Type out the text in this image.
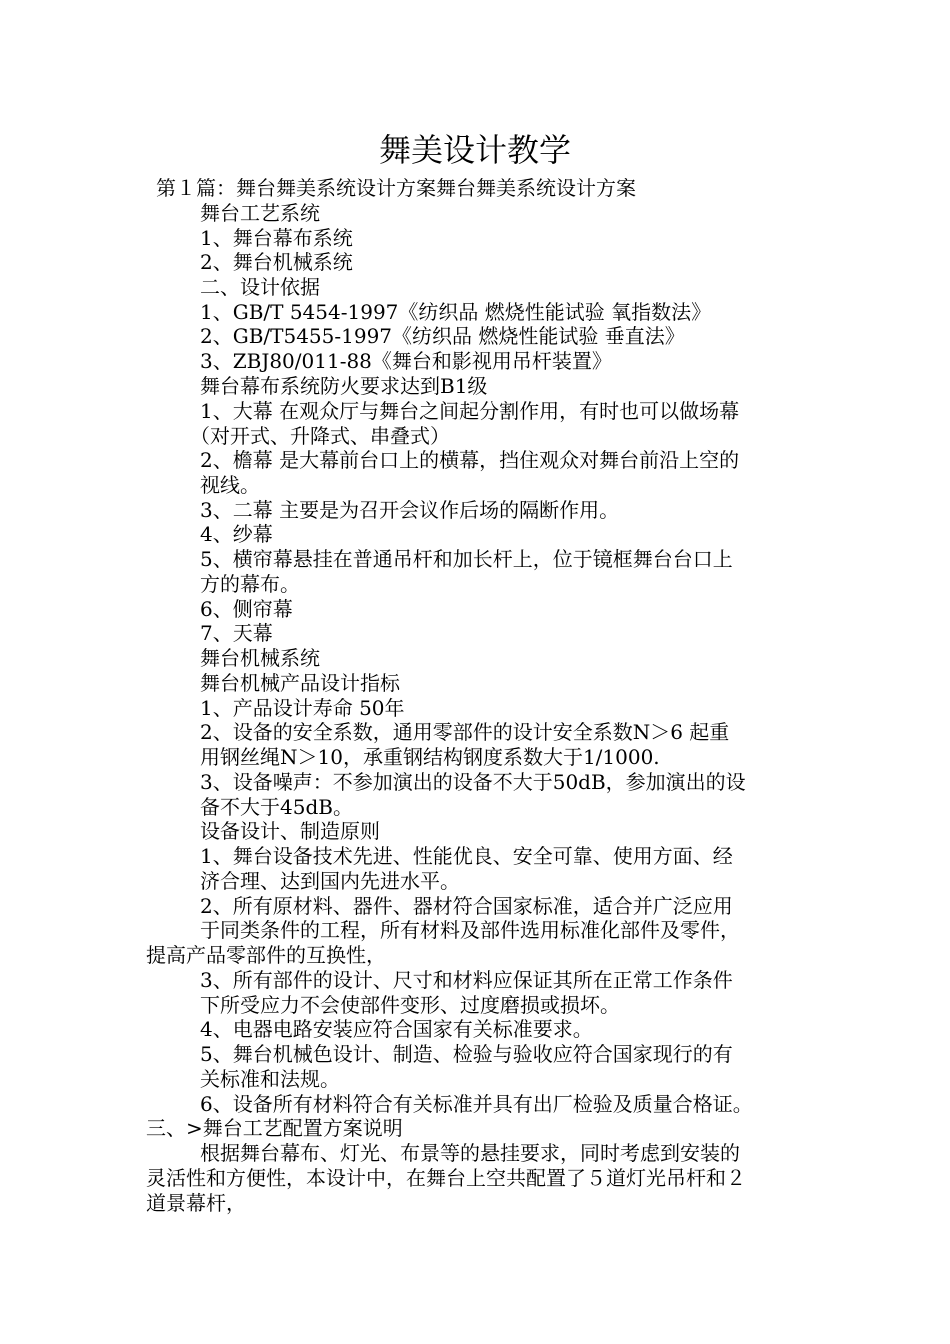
舞美设计教学
第１篇：舞台舞美系统设计方案舞台舞美系统设计方案
舞台工艺系统
1、舞台幕布系统
2、舞台机械系统
二、设计依据
1、GB/T 5454-1997《纺织品 燃烧性能试验 氧指数法》
2、GB/T5455-1997《纺织品 燃烧性能试验 垂直法》
3、ZBJ80/011-88《舞台和影视用吊杆装置》
舞台幕布系统防火要求达到B1级
1、大幕 在观众厅与舞台之间起分割作用，有时也可以做场幕
（对开式、升降式、串叠式）
2、檐幕 是大幕前台口上的横幕，挡住观众对舞台前沿上空的
视线。
3、二幕 主要是为召开会议作后场的隔断作用。
4、纱幕
5、横帘幕悬挂在普通吊杆和加长杆上，位于镜框舞台台口上
方的幕布。
6、侧帘幕
7、天幕
舞台机械系统
舞台机械产品设计指标
1、产品设计寿命 50年
2、设备的安全系数，通用零部件的设计安全系数N＞6 起重
用钢丝绳N＞10，承重钢结构钢度系数大于1/1000.
3、设备噪声：不参加演出的设备不大于50dB，参加演出的设
备不大于45dB。
设备设计、制造原则
1、舞台设备技术先进、性能优良、安全可靠、使用方面、经
济合理、达到国内先进水平。
2、所有原材料、器件、器材符合国家标准，适合并广泛应用
于同类条件的工程，所有材料及部件选用标准化部件及零件，
提高产品零部件的互换性，
3、所有部件的设计、尺寸和材料应保证其所在正常工作条件
下所受应力不会使部件变形、过度磨损或损坏。
4、电器电路安装应符合国家有关标准要求。
5、舞台机械色设计、制造、检验与验收应符合国家现行的有
关标准和法规。
6、设备所有材料符合有关标准并具有出厂检验及质量合格证。
三、>舞台工艺配置方案说明
根据舞台幕布、灯光、布景等的悬挂要求，同时考虑到安装的
灵活性和方便性，本设计中，在舞台上空共配置了５道灯光吊杆和２
道景幕杆，
